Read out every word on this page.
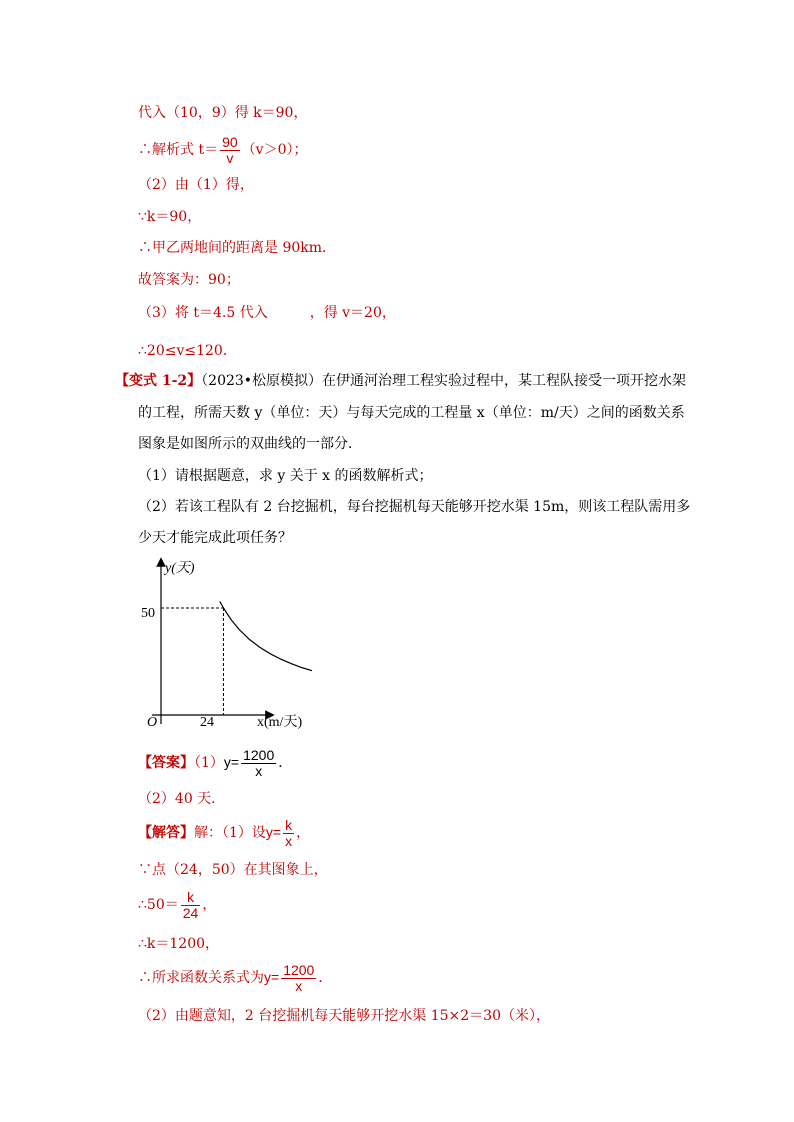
代入（10，9）得 k＝90，
∴解析式 $t= \frac{90}{v} (v>0)$；
（2）由（1）得，
∵k＝90，
∴甲乙两地间的距离是 90km．
故答案为：90；
（3）将 t＝4.5 代入　　　，得 v＝20，
∴20≤v≤120．
【变式 1-2】（2023•松原模拟）在伊通河治理工程实验过程中，某工程队接受一项开挖水架
的工程，所需天数 y（单位：天）与每天完成的工程量 x（单位：m/天）之间的函数关系
图象是如图所示的双曲线的一部分．
（1）请根据题意，求 y 关于 x 的函数解析式；
（2）若该工程队有 2 台挖掘机，每台挖掘机每天能够开挖水渠 15m，则该工程队需用多
少天才能完成此项任务？
y(天)
50
O	24	x(m/天)
【答案】$(1)y= \frac{1200}{x}$ ．
（2）40 天．
【解答】解：（1）设$y= \frac{k}{x}$ ，
∵点（24，50）在其图象上，
∴50＝ $\frac{k}{24}$ ，
∴k＝1200，
∴所求函数关系式为$y= \frac{1200}{x}$ ．
（2）由题意知，2 台挖掘机每天能够开挖水渠 15×2＝30（米），
